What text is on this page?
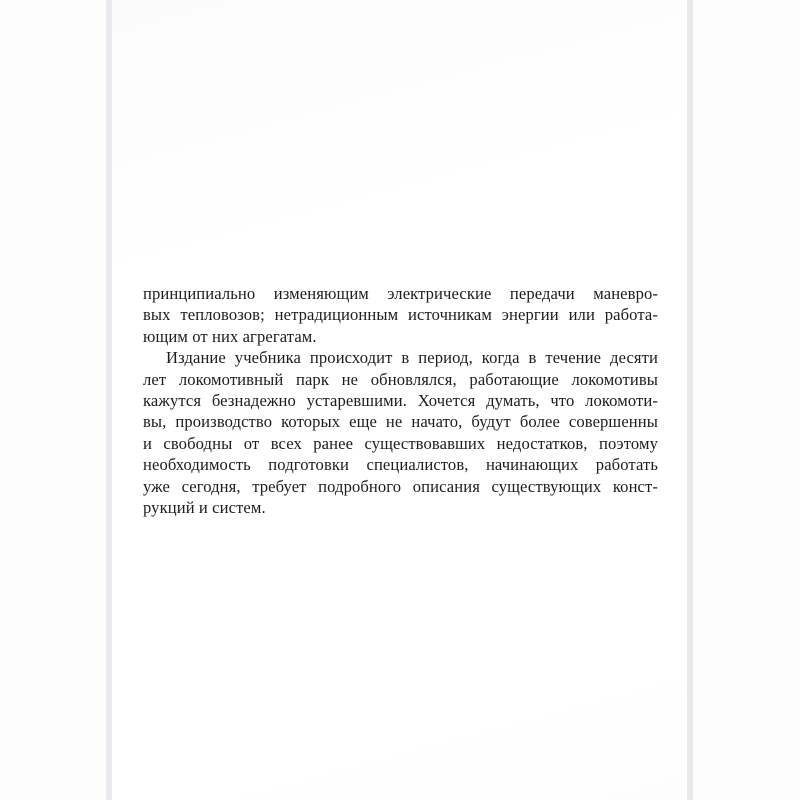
принципиально изменяющим электрические передачи маневро-
вых тепловозов; нетрадиционным источникам энергии или работа-
ющим от них агрегатам.
Издание учебника происходит в период, когда в течение десяти
лет локомотивный парк не обновлялся, работающие локомотивы
кажутся безнадежно устаревшими. Хочется думать, что локомоти-
вы, производство которых еще не начато, будут более совершенны
и свободны от всех ранее существовавших недостатков, поэтому
необходимость подготовки специалистов, начинающих работать
уже сегодня, требует подробного описания существующих конст-
рукций и систем.
